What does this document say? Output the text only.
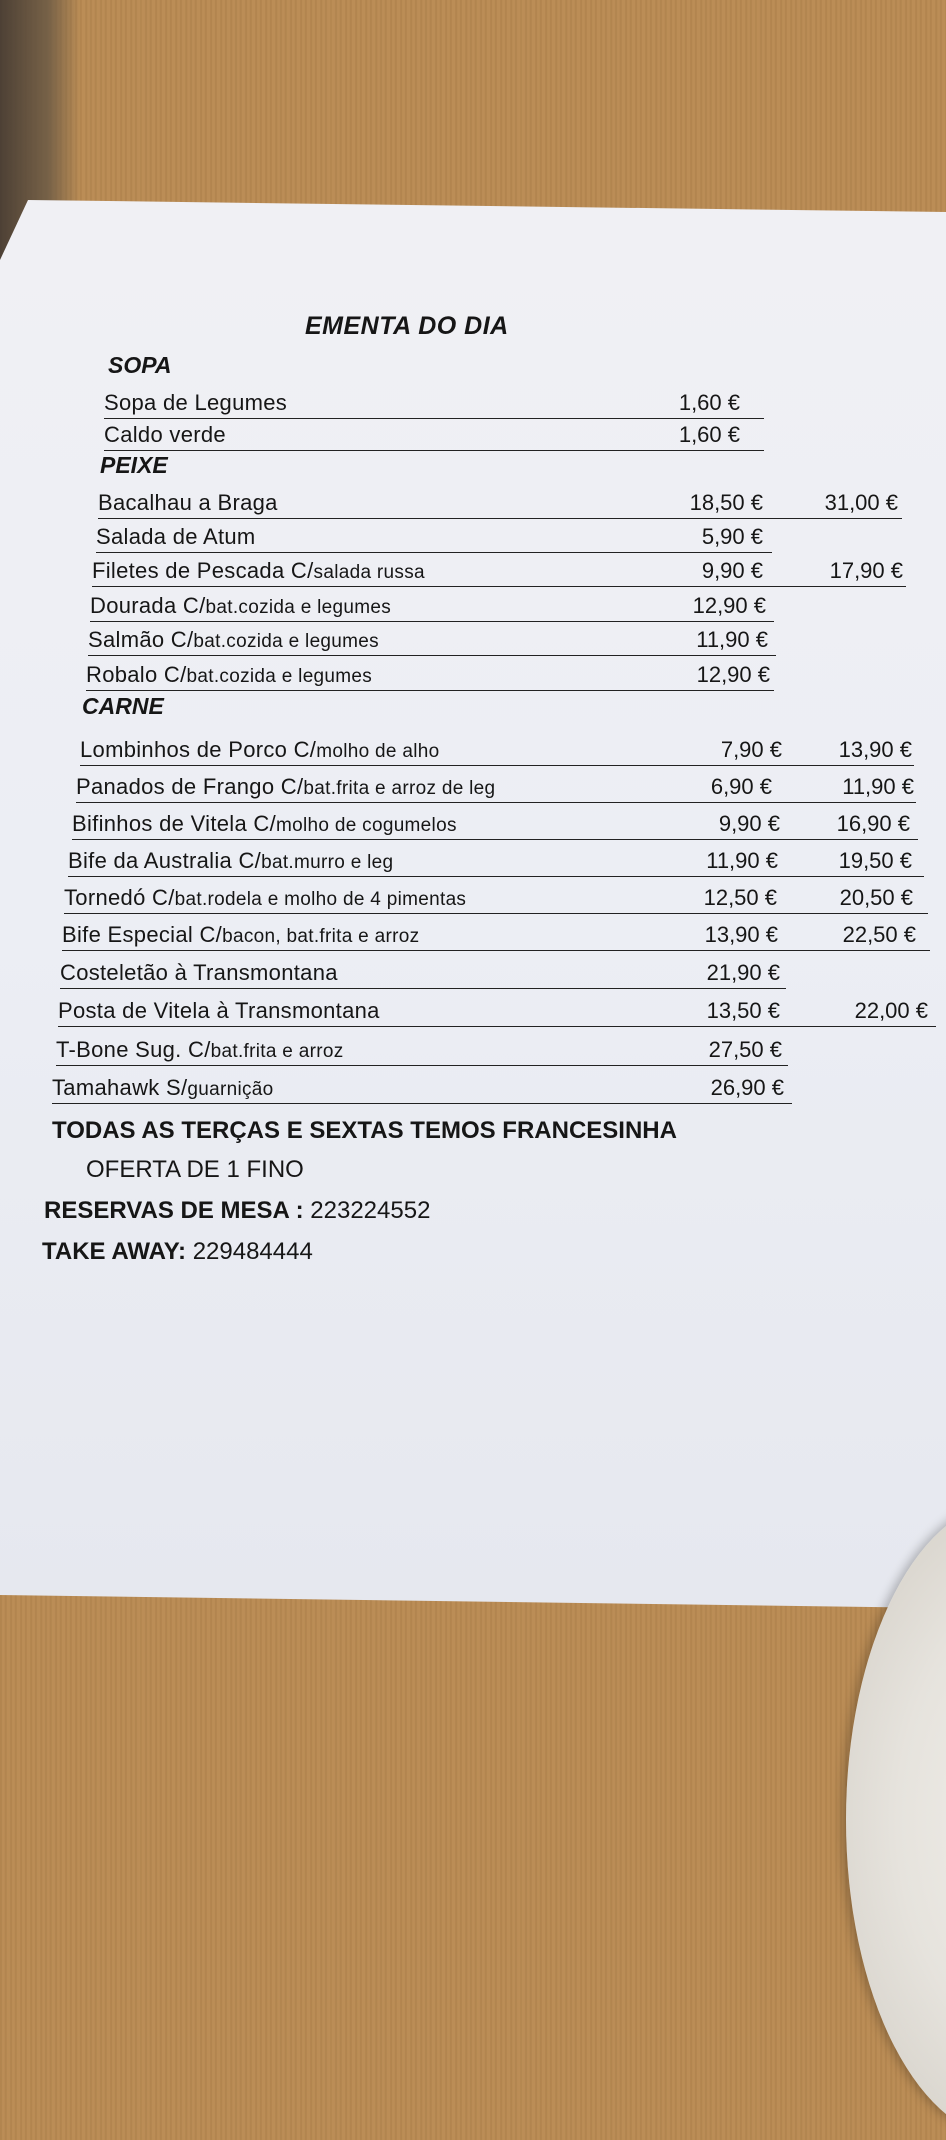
EMENTA DO DIA
SOPA
PEIXE
CARNE
Sopa de Legumes	1,60 €
Caldo verde	1,60 €
Bacalhau a Braga	18,50 €	31,00 €
Salada de Atum	5,90 €
Filetes de Pescada C/salada russa	9,90 €	17,90 €
Dourada C/bat.cozida e legumes	12,90 €
Salmão C/bat.cozida e legumes	11,90 €
Robalo C/bat.cozida e legumes	12,90 €
Lombinhos de Porco C/molho de alho	7,90 €	13,90 €
Panados de Frango C/bat.frita e arroz de leg	6,90 €	11,90 €
Bifinhos de Vitela C/molho de cogumelos	9,90 €	16,90 €
Bife da Australia C/bat.murro e leg	11,90 €	19,50 €
Tornedó C/bat.rodela e molho de 4 pimentas	12,50 €	20,50 €
Bife Especial C/bacon, bat.frita e arroz	13,90 €	22,50 €
Costeletão à Transmontana	21,90 €
Posta de Vitela à Transmontana	13,50 €	22,00 €
T-Bone Sug. C/bat.frita e arroz	27,50 €
Tamahawk S/guarnição	26,90 €
TODAS AS TERÇAS E SEXTAS TEMOS FRANCESINHA
OFERTA DE 1 FINO
RESERVAS DE MESA : 223224552
TAKE AWAY: 229484444
